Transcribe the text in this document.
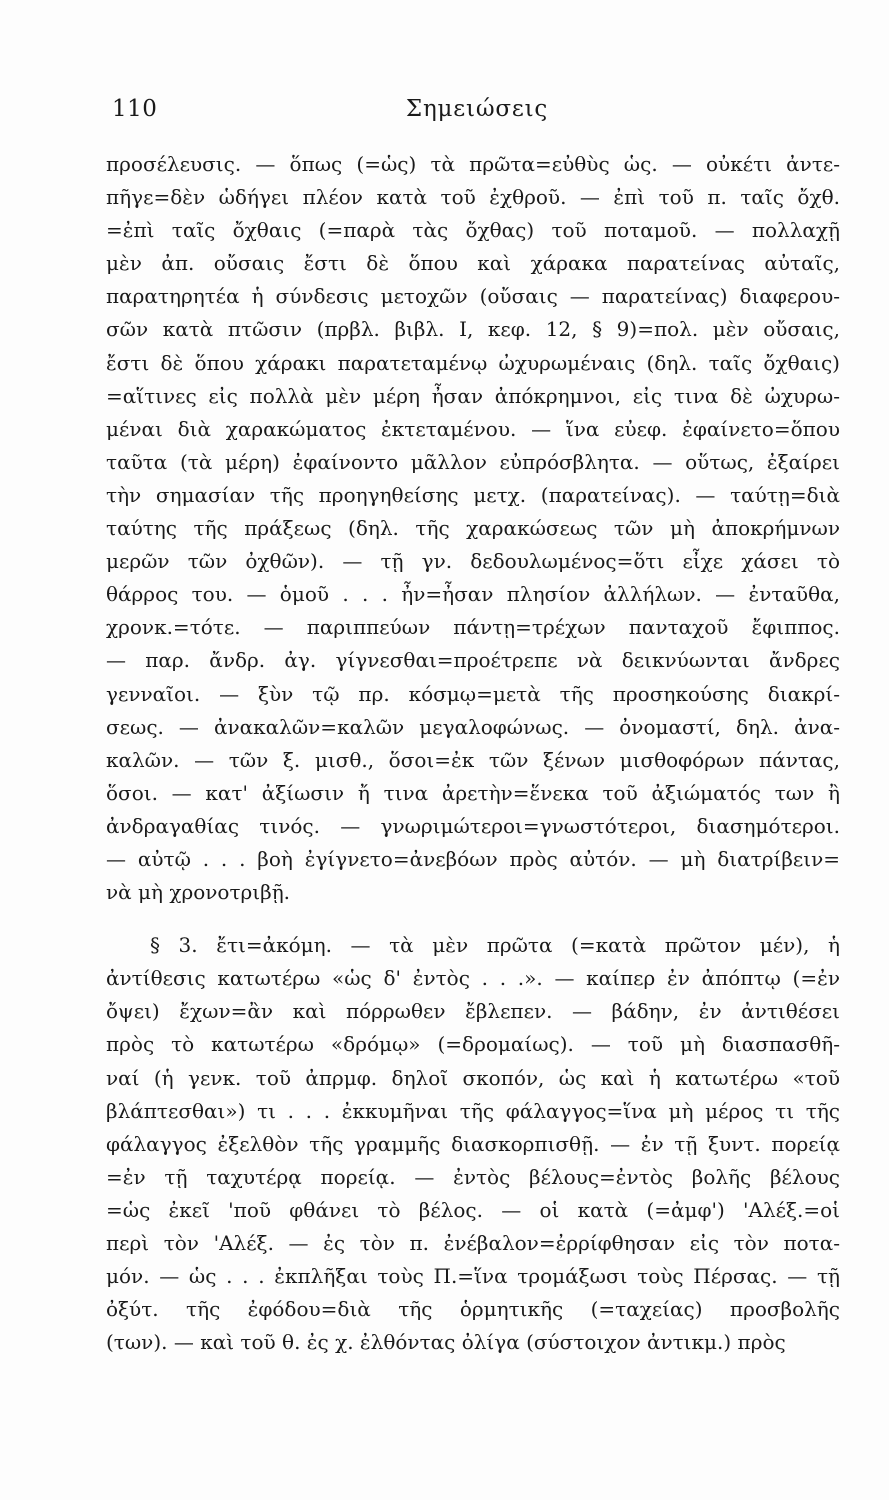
Σημειώσεις
110
προσέλευσις. — ὅπως (=ὡς) τὰ πρῶτα=εὐθὺς ὡς. — οὐκέτι ἀντε-
πῆγε=δὲν ὡδήγει πλέον κατὰ τοῦ ἐχθροῦ. — ἐπὶ τοῦ π. ταῖς ὄχθ.
=ἐπὶ ταῖς ὄχθαις (=παρὰ τὰς ὄχθας) τοῦ ποταμοῦ. — πολλαχῇ
μὲν ἀπ. οὔσαις ἔστι δὲ ὅπου καὶ χάρακα παρατείνας αὐταῖς,
παρατηρητέα ἡ σύνδεσις μετοχῶν (οὔσαις — παρατείνας) διαφερου-
σῶν κατὰ πτῶσιν (πρβλ. βιβλ. I, κεφ. 12, § 9)=πολ. μὲν οὔσαις,
ἔστι δὲ ὅπου χάρακι παρατεταμένῳ ὠχυρωμέναις (δηλ. ταῖς ὄχθαις)
=αἵτινες εἰς πολλὰ μὲν μέρη ἦσαν ἀπόκρημνοι, εἰς τινα δὲ ὠχυρω-
μέναι διὰ χαρακώματος ἐκτεταμένου. — ἵνα εὐεφ. ἐφαίνετο=ὅπου
ταῦτα (τὰ μέρη) ἐφαίνοντο μᾶλλον εὐπρόσβλητα. — οὕτως, ἐξαίρει
τὴν σημασίαν τῆς προηγηθείσης μετχ. (παρατείνας). — ταύτῃ=διὰ
ταύτης τῆς πράξεως (δηλ. τῆς χαρακώσεως τῶν μὴ ἀποκρήμνων
μερῶν τῶν ὀχθῶν). — τῇ γν. δεδουλωμένος=ὅτι εἶχε χάσει τὸ
θάρρος του. — ὁμοῦ . . . ἦν=ἦσαν πλησίον ἀλλήλων. — ἐνταῦθα,
χρονκ.=τότε. — παριππεύων πάντῃ=τρέχων πανταχοῦ ἔφιππος.
— παρ. ἄνδρ. ἀγ. γίγνεσθαι=προέτρεπε νὰ δεικνύωνται ἄνδρες
γενναῖοι. — ξὺν τῷ πρ. κόσμῳ=μετὰ τῆς προσηκούσης διακρί-
σεως. — ἀνακαλῶν=καλῶν μεγαλοφώνως. — ὀνομαστί, δηλ. ἀνα-
καλῶν. — τῶν ξ. μισθ., ὅσοι=ἐκ τῶν ξένων μισθοφόρων πάντας,
ὅσοι. — κατ' ἀξίωσιν ἤ τινα ἀρετὴν=ἕνεκα τοῦ ἀξιώματός των ἢ
ἀνδραγαθίας τινός. — γνωριμώτεροι=γνωστότεροι, διασημότεροι.
— αὐτῷ . . . βοὴ ἐγίγνετο=ἀνεβόων πρὸς αὐτόν. — μὴ διατρίβειν=
νὰ μὴ χρονοτριβῇ.
§ 3. ἔτι=ἀκόμη. — τὰ μὲν πρῶτα (=κατὰ πρῶτον μέν), ἡ
ἀντίθεσις κατωτέρω «ὡς δ' ἐντὸς . . .». — καίπερ ἐν ἀπόπτῳ (=ἐν
ὄψει) ἔχων=ἂν καὶ πόρρωθεν ἔβλεπεν. — βάδην, ἐν ἀντιθέσει
πρὸς τὸ κατωτέρω «δρόμῳ» (=δρομαίως). — τοῦ μὴ διασπασθῆ-
ναί (ἡ γενκ. τοῦ ἀπρμφ. δηλοῖ σκοπόν, ὡς καὶ ἡ κατωτέρω «τοῦ
βλάπτεσθαι») τι . . . ἐκκυμῆναι τῆς φάλαγγος=ἵνα μὴ μέρος τι τῆς
φάλαγγος ἐξελθὸν τῆς γραμμῆς διασκορπισθῇ. — ἐν τῇ ξυντ. πορείᾳ
=ἐν τῇ ταχυτέρᾳ πορείᾳ. — ἐντὸς βέλους=ἐντὸς βολῆς βέλους
=ὡς ἐκεῖ 'ποῦ φθάνει τὸ βέλος. — οἱ κατὰ (=ἀμφ') 'Αλέξ.=οἱ
περὶ τὸν 'Αλέξ. — ἐς τὸν π. ἐνέβαλον=ἐρρίφθησαν εἰς τὸν ποτα-
μόν. — ὡς . . . ἐκπλῆξαι τοὺς Π.=ἵνα τρομάξωσι τοὺς Πέρσας. — τῇ
ὀξύτ. τῆς ἐφόδου=διὰ τῆς ὁρμητικῆς (=ταχείας) προσβολῆς
(των). — καὶ τοῦ θ. ἐς χ. ἐλθόντας ὀλίγα (σύστοιχον ἀντικμ.) πρὸς
